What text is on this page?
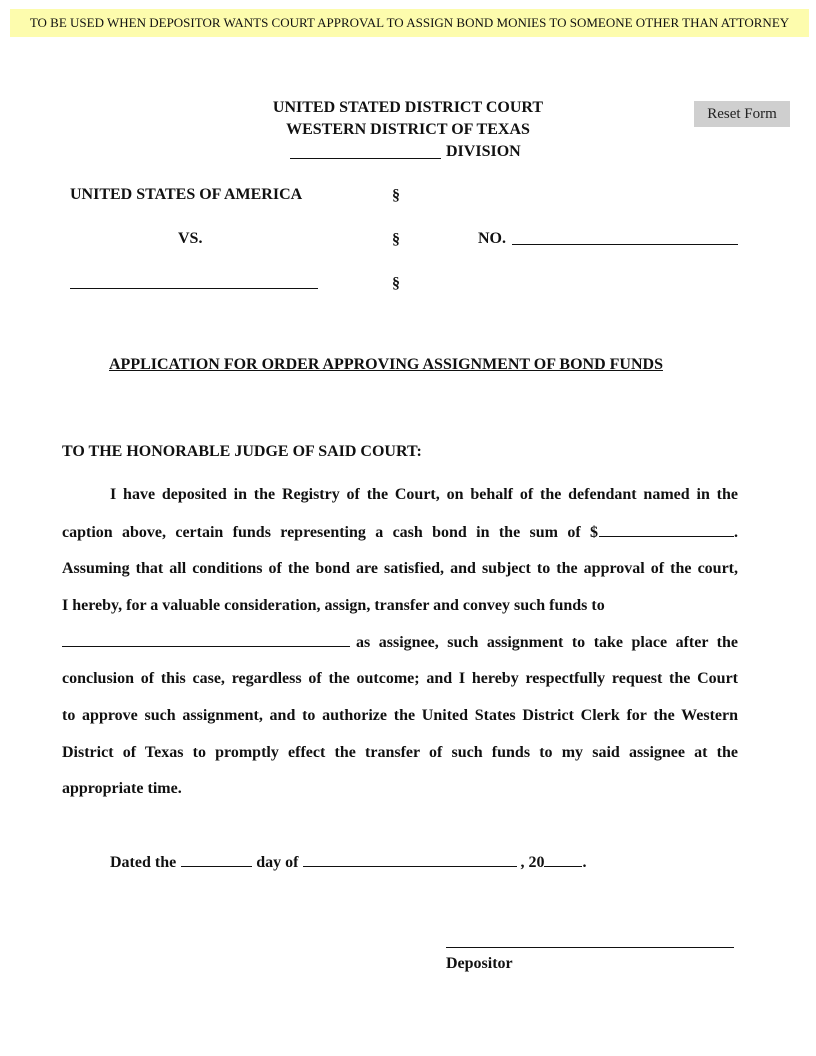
TO BE USED WHEN DEPOSITOR WANTS COURT APPROVAL TO ASSIGN BOND MONIES TO SOMEONE OTHER THAN ATTORNEY
Reset Form
UNITED STATED DISTRICT COURT
WESTERN DISTRICT OF TEXAS
DIVISION
UNITED STATES OF AMERICA	§
VS.	§	NO.
§
APPLICATION FOR ORDER APPROVING ASSIGNMENT OF BOND FUNDS
TO THE HONORABLE JUDGE OF SAID COURT:
I have deposited in the Registry of the Court, on behalf of the defendant named in the
caption above, certain funds representing a cash bond in the sum of $	.
Assuming that all conditions of the bond are satisfied, and subject to the approval of the court,
I hereby, for a valuable consideration, assign, transfer and convey such funds to
as assignee, such assignment to take place after the
conclusion of this case, regardless of the outcome; and I hereby respectfully request the Court
to approve such assignment, and to authorize the United States District Clerk for the Western
District of Texas to promptly effect the transfer of such funds to my said assignee at the
appropriate time.
Dated the	day of	, 20 .
Depositor
